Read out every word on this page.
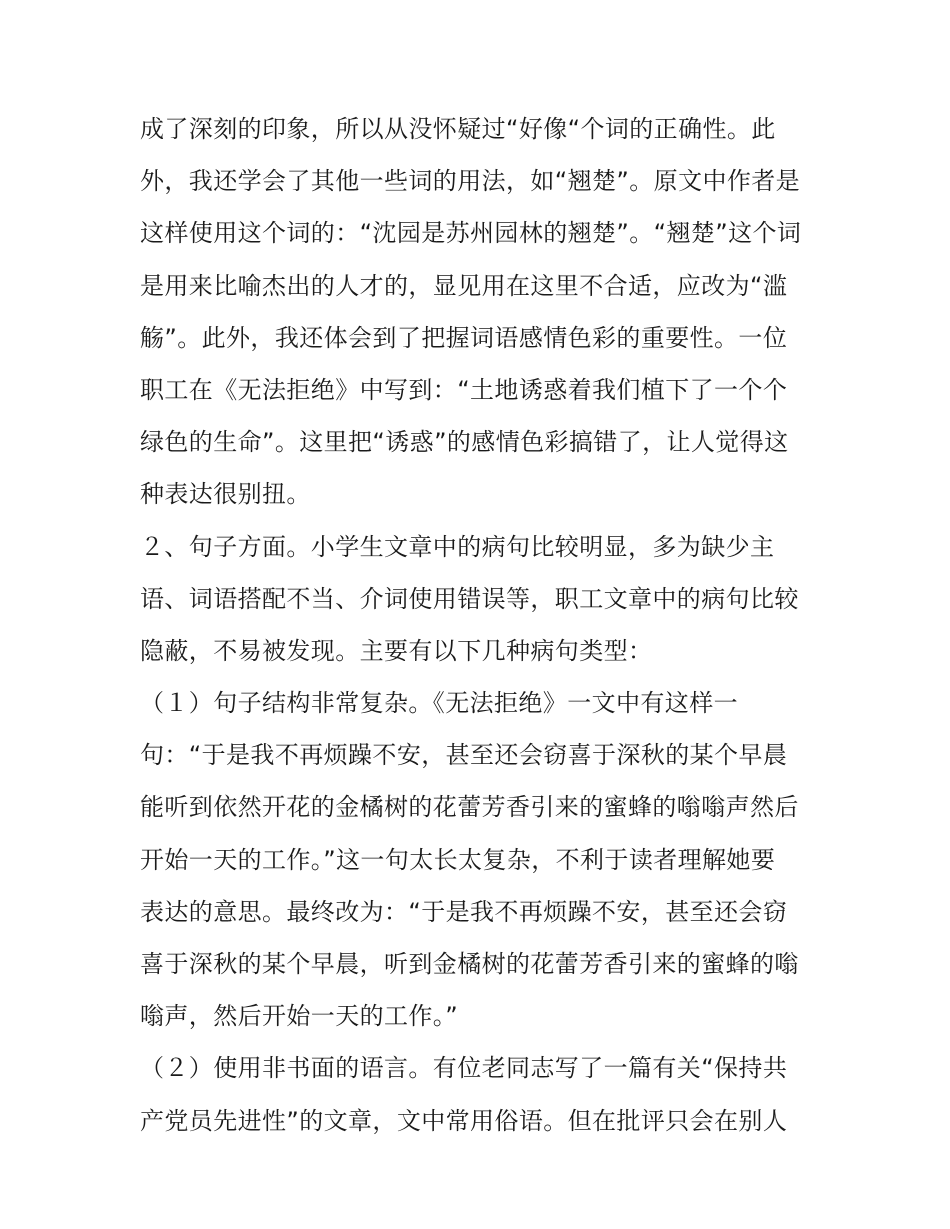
成了深刻的印象，所以从没怀疑过“好像“个词的正确性。此
外，我还学会了其他一些词的用法，如“翘楚”。原文中作者是
这样使用这个词的：“沈园是苏州园林的翘楚”。“翘楚”这个词
是用来比喻杰出的人才的，显见用在这里不合适，应改为“滥
觞”。此外，我还体会到了把握词语感情色彩的重要性。一位
职工在《无法拒绝》中写到：“土地诱惑着我们植下了一个个
绿色的生命”。这里把“诱惑”的感情色彩搞错了，让人觉得这
种表达很别扭。
２、句子方面。小学生文章中的病句比较明显，多为缺少主
语、词语搭配不当、介词使用错误等，职工文章中的病句比较
隐蔽，不易被发现。主要有以下几种病句类型：
（１）句子结构非常复杂。《无法拒绝》一文中有这样一
句：“于是我不再烦躁不安，甚至还会窃喜于深秋的某个早晨
能听到依然开花的金橘树的花蕾芳香引来的蜜蜂的嗡嗡声然后
开始一天的工作。”这一句太长太复杂，不利于读者理解她要
表达的意思。最终改为：“于是我不再烦躁不安，甚至还会窃
喜于深秋的某个早晨，听到金橘树的花蕾芳香引来的蜜蜂的嗡
嗡声，然后开始一天的工作。”
（２）使用非书面的语言。有位老同志写了一篇有关“保持共
产党员先进性”的文章，文中常用俗语。但在批评只会在别人
